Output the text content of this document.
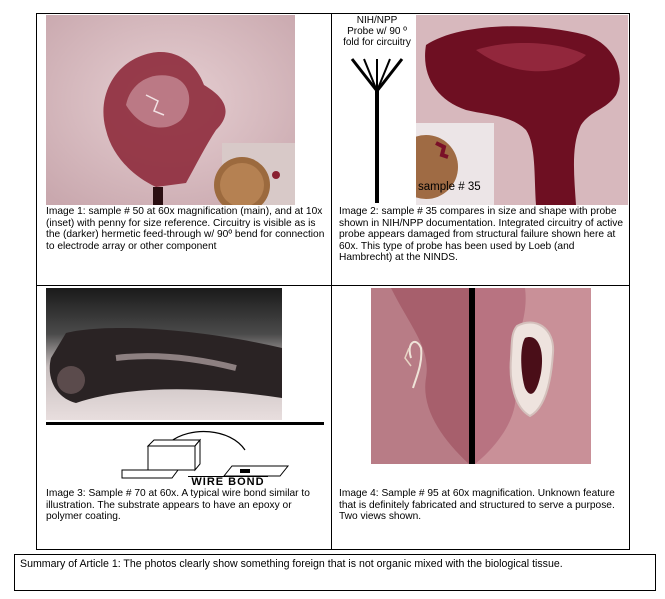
NIH/NPP
Probe w/ 90 º
fold for circuitry
sample # 35
WIRE BOND
Image 1: sample # 50 at 60x magnification (main), and at 10x (inset) with penny for size reference. Circuitry is visible as is the (darker) hermetic feed-through w/ 90º bend for connection to electrode array or other component
Image 2: sample # 35 compares in size and shape with probe shown in NIH/NPP documentation. Integrated circuitry of active probe appears damaged from structural failure shown here at 60x. This type of probe has been used by Loeb (and Hambrecht) at the NINDS.
Image 3: Sample # 70 at 60x. A typical wire bond similar to illustration. The substrate appears to have an epoxy or polymer coating.
Image 4: Sample # 95 at 60x magnification. Unknown feature that is definitely fabricated and structured to serve a purpose. Two views shown.
Summary of Article 1: The photos clearly show something foreign that is not organic mixed with the biological tissue.
